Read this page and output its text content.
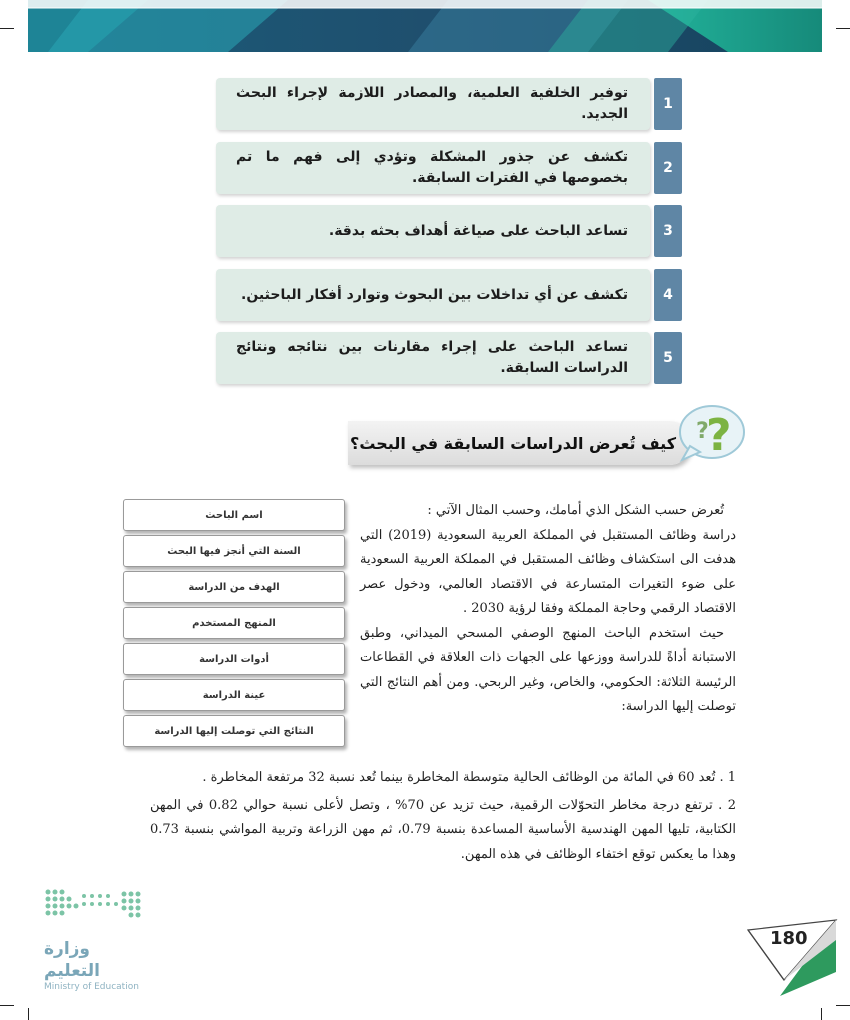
توفير الخلفية العلمية، والمصادر اللازمة لإجراء البحث الجديد.
1
تكشف عن جذور المشكلة وتؤدي إلى فهم ما تم بخصوصها في الفترات السابقة.
2
تساعد الباحث على صياغة أهداف بحثه بدقة.	3
تكشف عن أي تداخلات بين البحوث وتوارد أفكار الباحثين.	4
تساعد الباحث على إجراء مقارنات بين نتائجه ونتائج الدراسات السابقة.
5
كيف تُعرض الدراسات السابقة في البحث؟ ?
?
اسم الباحث
السنة التي أنجز فيها البحث
الهدف من الدراسة
المنهج المستخدم
أدوات الدراسة
عينة الدراسة
النتائج التي توصلت إليها الدراسة

تُعرض حسب الشكل الذي أمامك، وحسب المثال الآتي :

دراسة وظائف المستقبل في المملكة العربية السعودية (2019) التي هدفت الى استكشاف وظائف المستقبل في المملكة العربية السعودية على ضوء التغيرات المتسارعة في الاقتصاد العالمي، ودخول عصر الاقتصاد الرقمي وحاجة المملكة وفقا لرؤية 2030 .

حيث استخدم الباحث المنهج الوصفي المسحي الميداني، وطبق الاستبانة أداةً للدراسة ووزعها على الجهات ذات العلاقة في القطاعات الرئيسة الثلاثة: الحكومي، والخاص، وغير الربحي. ومن أهم النتائج التي توصلت إليها الدراسة:

1 . تُعد 60 في المائة من الوظائف الحالية متوسطة المخاطرة بينما تُعد نسبة 32 مرتفعة المخاطرة .

2 . ترتفع درجة مخاطر التحوّلات الرقمية، حيث تزيد عن 70% ، وتصل لأعلى نسبة حوالي 0.82 في المهن الكتابية، تليها المهن الهندسية الأساسية المساعدة بنسبة 0.79، ثم مهن الزراعة وتربية المواشي بنسبة 0.73 وهذا ما يعكس توقع اختفاء الوظائف في هذه المهن.

وزارة التعليم
Ministry of Education
180
